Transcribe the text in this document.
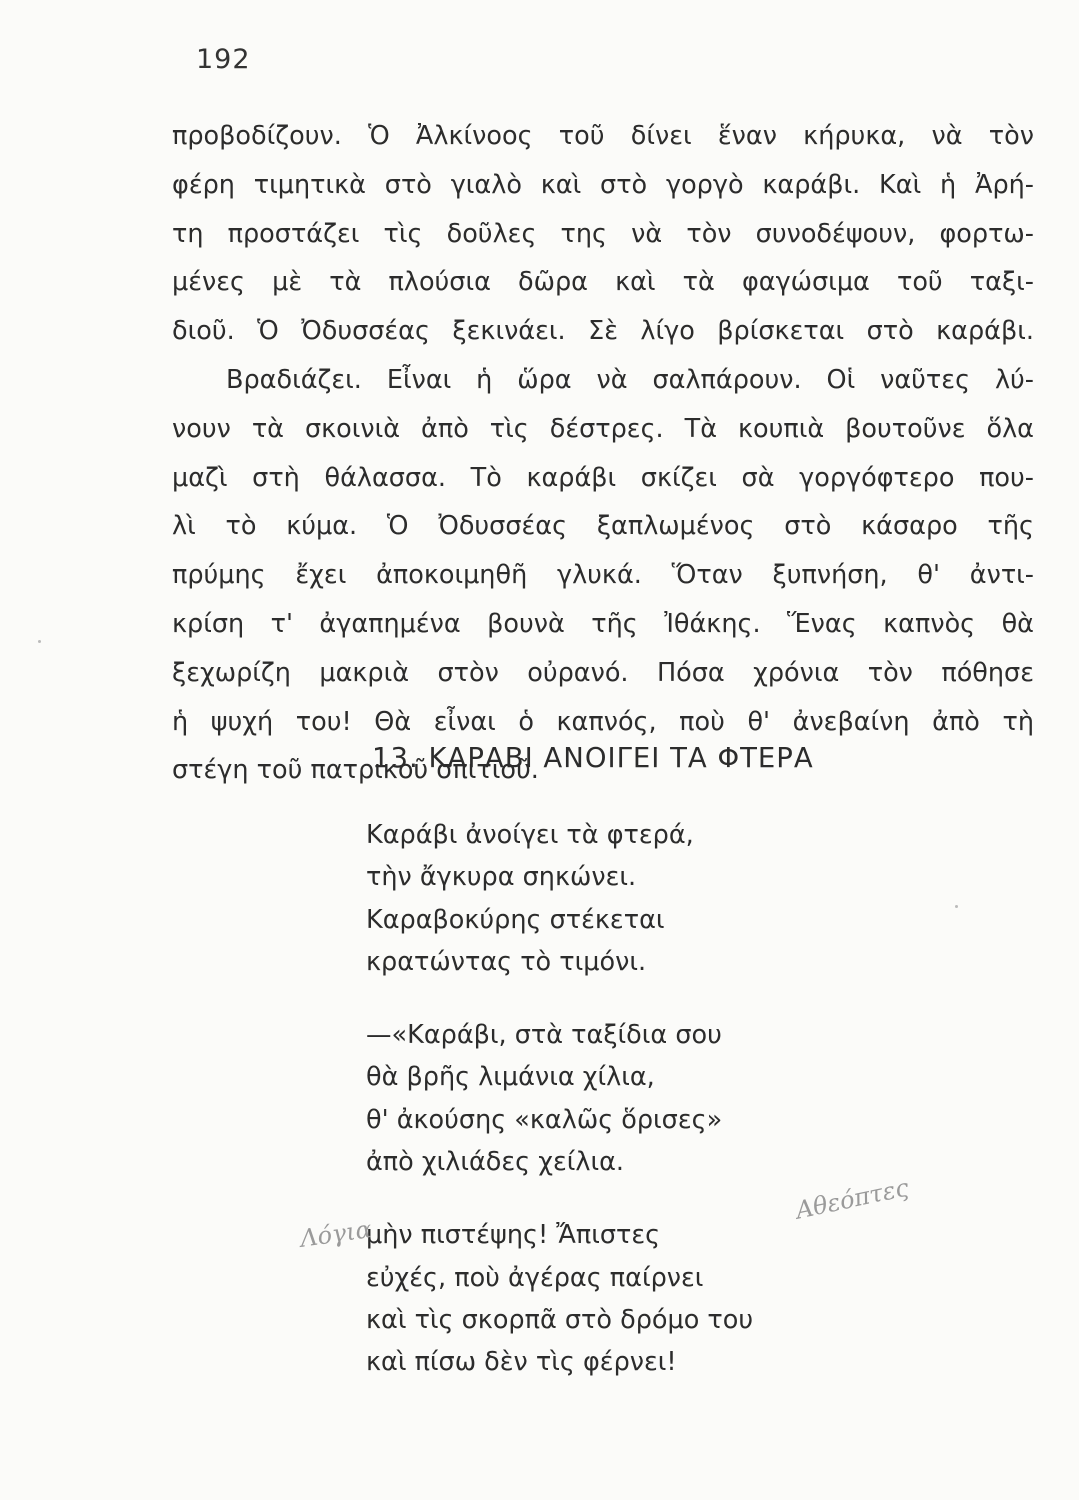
192

προβοδίζουν. Ὁ Ἀλκίνοος τοῦ δίνει ἕναν κήρυκα, νὰ τὸν
φέρη τιμητικὰ στὸ γιαλὸ καὶ στὸ γοργὸ καράβι. Καὶ ἡ Ἀρή-
τη προστάζει τὶς δοῦλες της νὰ τὸν συνοδέψουν, φορτω-
μένες μὲ τὰ πλούσια δῶρα καὶ τὰ φαγώσιμα τοῦ ταξι-
διοῦ. Ὁ Ὀδυσσέας ξεκινάει. Σὲ λίγο βρίσκεται στὸ καράβι.
Βραδιάζει. Εἶναι ἡ ὥρα νὰ σαλπάρουν. Οἱ ναῦτες λύ-
νουν τὰ σκοινιὰ ἀπὸ τὶς δέστρες. Τὰ κουπιὰ βουτοῦνε ὅλα
μαζὶ στὴ θάλασσα. Τὸ καράβι σκίζει σὰ γοργόφτερο που-
λὶ τὸ κύμα. Ὁ Ὀδυσσέας ξαπλωμένος στὸ κάσαρο τῆς
πρύμης ἔχει ἀποκοιμηθῆ γλυκά. Ὅταν ξυπνήση, θ' ἀντι-
κρίση τ' ἀγαπημένα βουνὰ τῆς Ἰθάκης. Ἕνας καπνὸς θὰ
ξεχωρίζη μακριὰ στὸν οὐρανό. Πόσα χρόνια τὸν πόθησε
ἡ ψυχή του! Θὰ εἶναι ὁ καπνός, ποὺ θ' ἀνεβαίνη ἀπὸ τὴ
στέγη τοῦ πατρικοῦ σπιτιοῦ.

13. ΚΑΡΑΒΙ ΑΝΟΙΓΕΙ ΤΑ ΦΤΕΡΑ
Καράβι ἀνοίγει τὰ φτερά,
τὴν ἄγκυρα σηκώνει.
Καραβοκύρης στέκεται
κρατώντας τὸ τιμόνι.
—«Καράβι, στὰ ταξίδια σου
θὰ βρῆς λιμάνια χίλια,
θ' ἀκούσης «καλῶς ὅρισες»
ἀπὸ χιλιάδες χείλια.
μὴν πιστέψης! Ἄπιστες
εὐχές, ποὺ ἀγέρας παίρνει
καὶ τὶς σκορπᾶ στὸ δρόμο του
καὶ πίσω δὲν τὶς φέρνει!
Λόγια
Αθεόπτες
